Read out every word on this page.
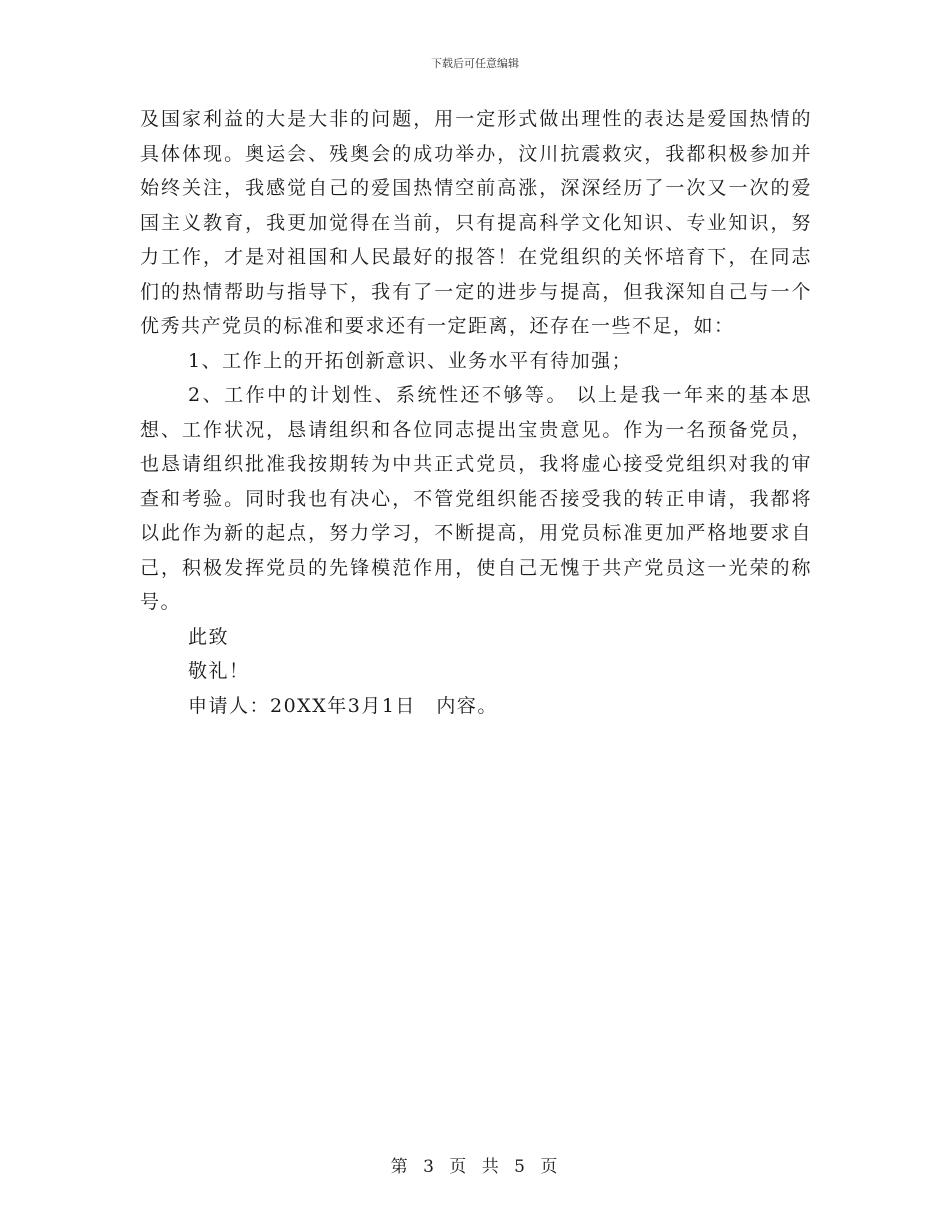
下载后可任意编辑

及国家利益的大是大非的问题，用一定形式做出理性的表达是爱国热情的具体体现。奥运会、残奥会的成功举办，汶川抗震救灾，我都积极参加并始终关注，我感觉自己的爱国热情空前高涨，深深经历了一次又一次的爱国主义教育，我更加觉得在当前，只有提高科学文化知识、专业知识，努力工作，才是对祖国和人民最好的报答！在党组织的关怀培育下，在同志们的热情帮助与指导下，我有了一定的进步与提高，但我深知自己与一个优秀共产党员的标准和要求还有一定距离，还存在一些不足，如：

1、工作上的开拓创新意识、业务水平有待加强；

2、工作中的计划性、系统性还不够等。 以上是我一年来的基本思想、工作状况，恳请组织和各位同志提出宝贵意见。作为一名预备党员，也恳请组织批准我按期转为中共正式党员，我将虚心接受党组织对我的审查和考验。同时我也有决心，不管党组织能否接受我的转正申请，我都将以此作为新的起点，努力学习，不断提高，用党员标准更加严格地要求自己，积极发挥党员的先锋模范作用，使自己无愧于共产党员这一光荣的称号。

此致

敬礼！

申请人：20XX年3月1日　内容。

第 3 页 共 5 页
